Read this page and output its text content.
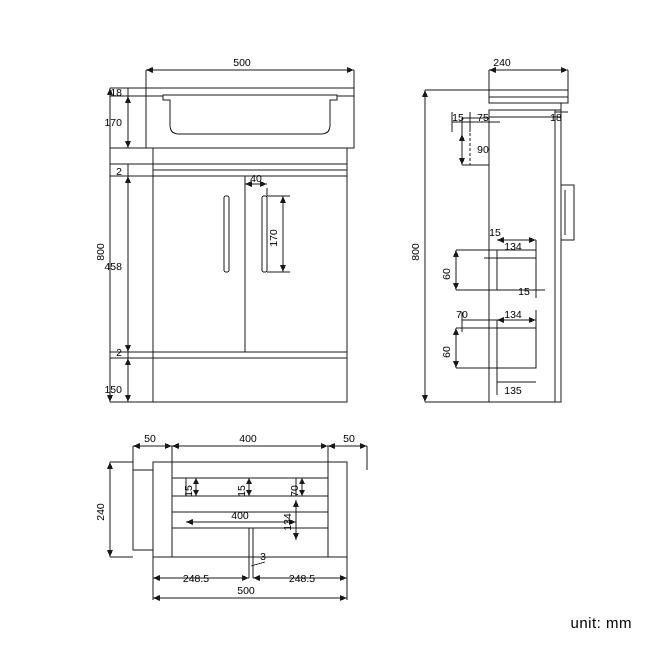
500
18
170
2
458
2
150
800
40
170
240
800
15 75	18
90
15
134
60
15
70	134
60
135
50	400	50
240
15	15	70
400	134
248.5
3
248.5
500
unit: mm
